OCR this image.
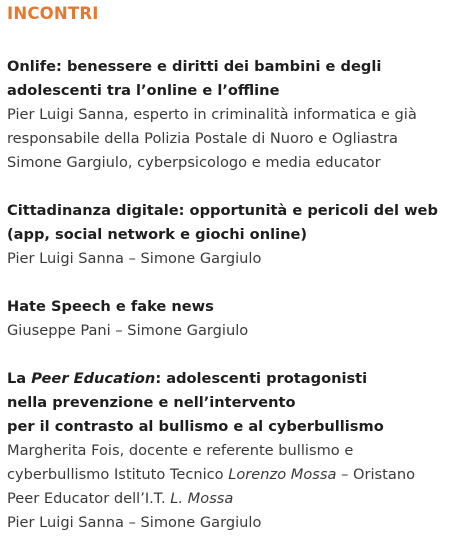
INCONTRI
Onlife: benessere e diritti dei bambini e degli
adolescenti tra l’online e l’offline
Pier Luigi Sanna, esperto in criminalità informatica e già
responsabile della Polizia Postale di Nuoro e Ogliastra
Simone Gargiulo, cyberpsicologo e media educator
Cittadinanza digitale: opportunità e pericoli del web
(app, social network e giochi online)
Pier Luigi Sanna – Simone Gargiulo
Hate Speech e fake news
Giuseppe Pani – Simone Gargiulo
La Peer Education: adolescenti protagonisti
nella prevenzione e nell’intervento
per il contrasto al bullismo e al cyberbullismo
Margherita Fois, docente e referente bullismo e
cyberbullismo Istituto Tecnico Lorenzo Mossa – Oristano
Peer Educator dell’I.T. L. Mossa
Pier Luigi Sanna – Simone Gargiulo
